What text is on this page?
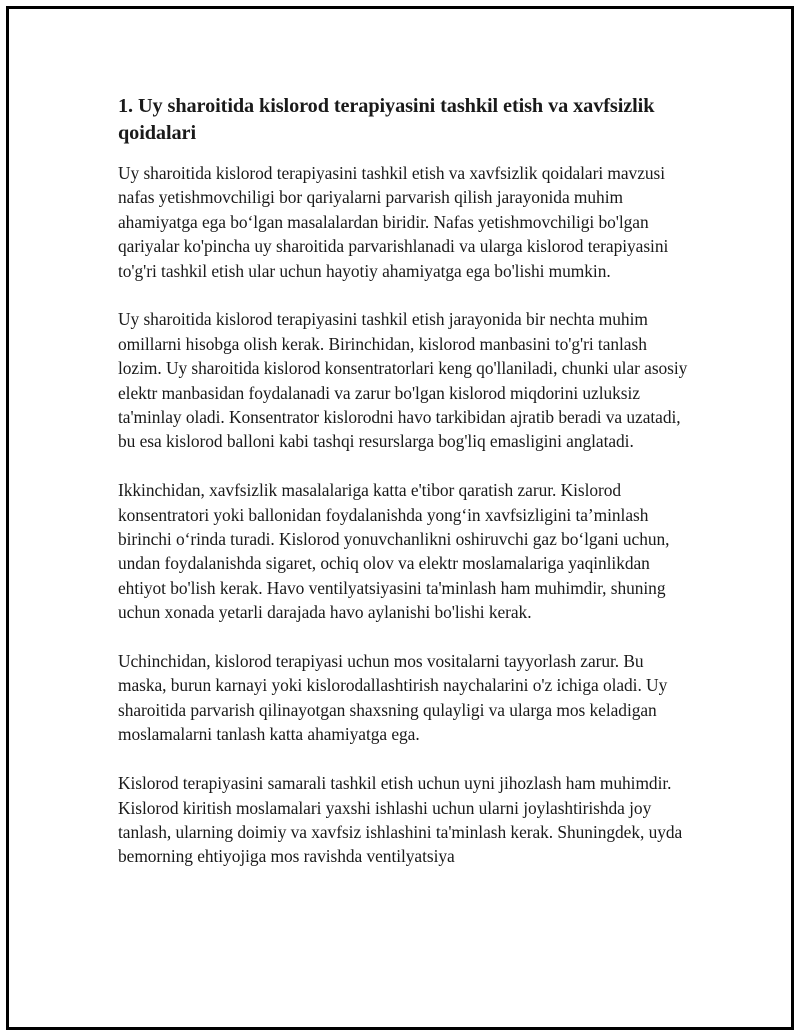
1. Uy sharoitida kislorod terapiyasini tashkil etish va xavfsizlik qoidalari

Uy sharoitida kislorod terapiyasini tashkil etish va xavfsizlik qoidalari mavzusi nafas yetishmovchiligi bor qariyalarni parvarish qilish jarayonida muhim ahamiyatga ega bo‘lgan masalalardan biridir. Nafas yetishmovchiligi bo'lgan qariyalar ko'pincha uy sharoitida parvarishlanadi va ularga kislorod terapiyasini to'g'ri tashkil etish ular uchun hayotiy ahamiyatga ega bo'lishi mumkin.

Uy sharoitida kislorod terapiyasini tashkil etish jarayonida bir nechta muhim omillarni hisobga olish kerak. Birinchidan, kislorod manbasini to'g'ri tanlash lozim. Uy sharoitida kislorod konsentratorlari keng qo'llaniladi, chunki ular asosiy elektr manbasidan foydalanadi va zarur bo'lgan kislorod miqdorini uzluksiz ta'minlay oladi. Konsentrator kislorodni havo tarkibidan ajratib beradi va uzatadi, bu esa kislorod balloni kabi tashqi resurslarga bog'liq emasligini anglatadi.

Ikkinchidan, xavfsizlik masalalariga katta e'tibor qaratish zarur. Kislorod konsentratori yoki ballonidan foydalanishda yong‘in xavfsizligini ta’minlash birinchi o‘rinda turadi. Kislorod yonuvchanlikni oshiruvchi gaz bo‘lgani uchun, undan foydalanishda sigaret, ochiq olov va elektr moslamalariga yaqinlikdan ehtiyot bo'lish kerak. Havo ventilyatsiyasini ta'minlash ham muhimdir, shuning uchun xonada yetarli darajada havo aylanishi bo'lishi kerak.

Uchinchidan, kislorod terapiyasi uchun mos vositalarni tayyorlash zarur. Bu maska, burun karnayi yoki kislorodallashtirish naychalarini o'z ichiga oladi. Uy sharoitida parvarish qilinayotgan shaxsning qulayligi va ularga mos keladigan moslamalarni tanlash katta ahamiyatga ega.

Kislorod terapiyasini samarali tashkil etish uchun uyni jihozlash ham muhimdir. Kislorod kiritish moslamalari yaxshi ishlashi uchun ularni joylashtirishda joy tanlash, ularning doimiy va xavfsiz ishlashini ta'minlash kerak. Shuningdek, uyda bemorning ehtiyojiga mos ravishda ventilyatsiya
